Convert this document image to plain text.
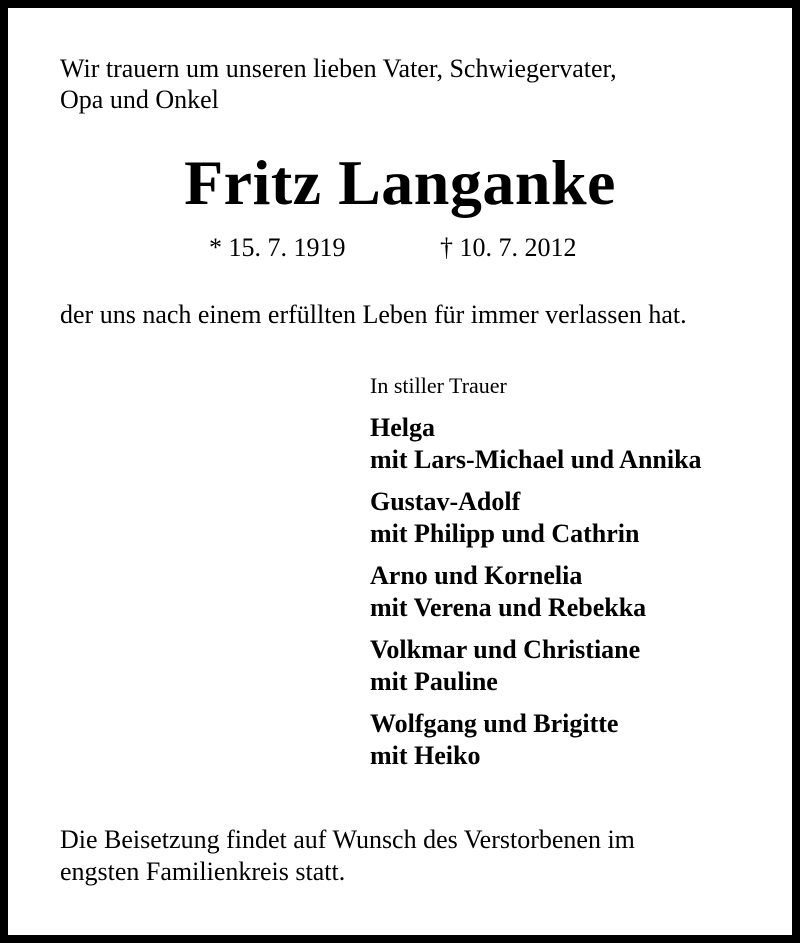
Wir trauern um unseren lieben Vater, Schwiegervater,
Opa und Onkel
Fritz Langanke
* 15. 7. 1919	† 10. 7. 2012
der uns nach einem erfüllten Leben für immer verlassen hat.
In stiller Trauer
Helga
mit Lars-Michael und Annika
Gustav-Adolf
mit Philipp und Cathrin
Arno und Kornelia
mit Verena und Rebekka
Volkmar und Christiane
mit Pauline
Wolfgang und Brigitte
mit Heiko
Die Beisetzung findet auf Wunsch des Verstorbenen im
engsten Familienkreis statt.
